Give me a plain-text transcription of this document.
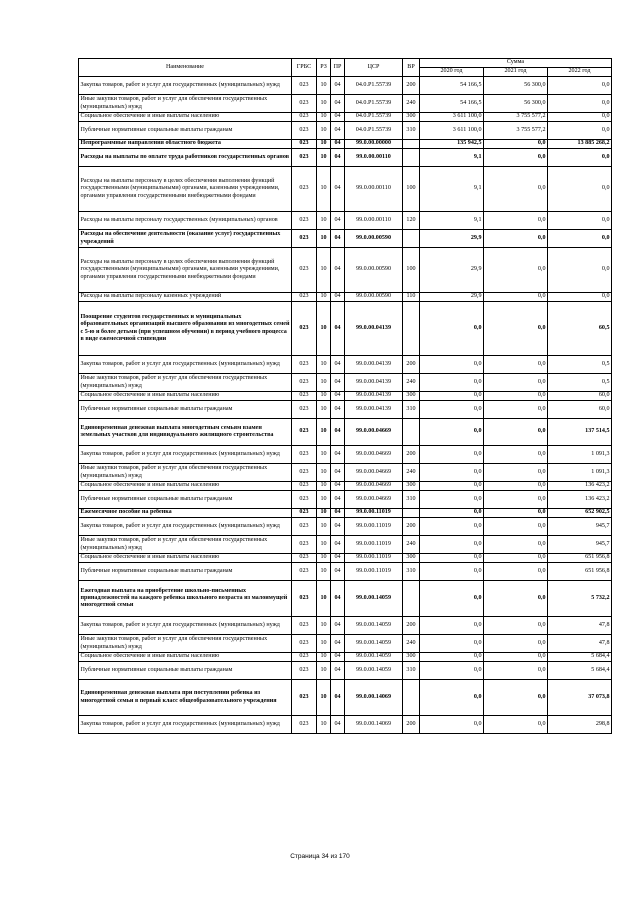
Наименование	ГРБС	РЗ	ПР	ЦСР	ВР	Сумма		
						2020 год	2021 год	2022 год
Закупка товаров, работ и услуг для государственных (муниципальных) нужд	023	10	04	04.0.P1.55739	200	54 166,5	56 300,0	0,0
Иные закупки товаров, работ и услуг для обеспечения государственных (муниципальных) нужд	023	10	04	04.0.P1.55739	240	54 166,5	56 300,0	0,0
Социальное обеспечение и иные выплаты населению	023	10	04	04.0.P1.55739	300	3 611 100,0	3 755 577,2	0,0
Публичные нормативные социальные выплаты гражданам	023	10	04	04.0.P1.55739	310	3 611 100,0	3 755 577,2	0,0
Непрограммные направления областного бюджета	023	10	04	99.0.00.00000		135 942,5	0,0	13 885 268,2
Расходы на выплаты по оплате труда работников государственных органов	023	10	04	99.0.00.00110		9,1	0,0	0,0
Расходы на выплаты персоналу в целях обеспечения выполнения функций государственными (муниципальными) органами, казенными учреждениями, органами управления государственными внебюджетными фондами	023	10	04	99.0.00.00110	100	9,1	0,0	0,0
Расходы на выплаты персоналу государственных (муниципальных) органов	023	10	04	99.0.00.00110	120	9,1	0,0	0,0
Расходы на обеспечение деятельности (оказание услуг) государственных учреждений	023	10	04	99.0.00.00590		29,9	0,0	0,0
Расходы на выплаты персоналу в целях обеспечения выполнения функций государственными (муниципальными) органами, казенными учреждениями, органами управления государственными внебюджетными фондами	023	10	04	99.0.00.00590	100	29,9	0,0	0,0
Расходы на выплаты персоналу казенных учреждений	023	10	04	99.0.00.00590	110	29,9	0,0	0,0
Поощрение студентов государственных и муниципальных образовательных организаций высшего образования из многодетных семей с 5-ю и более детьми (при успешном обучении) в период учебного процесса в виде ежемесячной стипендии	023	10	04	99.0.00.04139		0,0	0,0	60,5
Закупка товаров, работ и услуг для государственных (муниципальных) нужд	023	10	04	99.0.00.04139	200	0,0	0,0	0,5
Иные закупки товаров, работ и услуг для обеспечения государственных (муниципальных) нужд	023	10	04	99.0.00.04139	240	0,0	0,0	0,5
Социальное обеспечение и иные выплаты населению	023	10	04	99.0.00.04139	300	0,0	0,0	60,0
Публичные нормативные социальные выплаты гражданам	023	10	04	99.0.00.04139	310	0,0	0,0	60,0
Единовременная денежная выплата многодетным семьям взамен земельных участков для индивидуального жилищного строительства	023	10	04	99.0.00.04669		0,0	0,0	137 514,5
Закупка товаров, работ и услуг для государственных (муниципальных) нужд	023	10	04	99.0.00.04669	200	0,0	0,0	1 091,3
Иные закупки товаров, работ и услуг для обеспечения государственных (муниципальных) нужд	023	10	04	99.0.00.04669	240	0,0	0,0	1 091,3
Социальное обеспечение и иные выплаты населению	023	10	04	99.0.00.04669	300	0,0	0,0	136 423,2
Публичные нормативные социальные выплаты гражданам	023	10	04	99.0.00.04669	310	0,0	0,0	136 423,2
Ежемесячное пособие на ребенка	023	10	04	99.0.00.11019		0,0	0,0	652 902,5
Закупка товаров, работ и услуг для государственных (муниципальных) нужд	023	10	04	99.0.00.11019	200	0,0	0,0	945,7
Иные закупки товаров, работ и услуг для обеспечения государственных (муниципальных) нужд	023	10	04	99.0.00.11019	240	0,0	0,0	945,7
Социальное обеспечение и иные выплаты населению	023	10	04	99.0.00.11019	300	0,0	0,0	651 956,8
Публичные нормативные социальные выплаты гражданам	023	10	04	99.0.00.11019	310	0,0	0,0	651 956,8
Ежегодная выплата на приобретение школьно-письменных принадлежностей на каждого ребенка школьного возраста из малоимущей многодетной семьи	023	10	04	99.0.00.14059		0,0	0,0	5 732,2
Закупка товаров, работ и услуг для государственных (муниципальных) нужд	023	10	04	99.0.00.14059	200	0,0	0,0	47,8
Иные закупки товаров, работ и услуг для обеспечения государственных (муниципальных) нужд	023	10	04	99.0.00.14059	240	0,0	0,0	47,8
Социальное обеспечение и иные выплаты населению	023	10	04	99.0.00.14059	300	0,0	0,0	5 684,4
Публичные нормативные социальные выплаты гражданам	023	10	04	99.0.00.14059	310	0,0	0,0	5 684,4
Единовременная денежная выплата при поступлении ребенка из многодетной семьи в первый класс общеобразовательного учреждения	023	10	04	99.0.00.14069		0,0	0,0	37 073,8
Закупка товаров, работ и услуг для государственных (муниципальных) нужд	023	10	04	99.0.00.14069	200	0,0	0,0	298,8
Страница 34 из 170
